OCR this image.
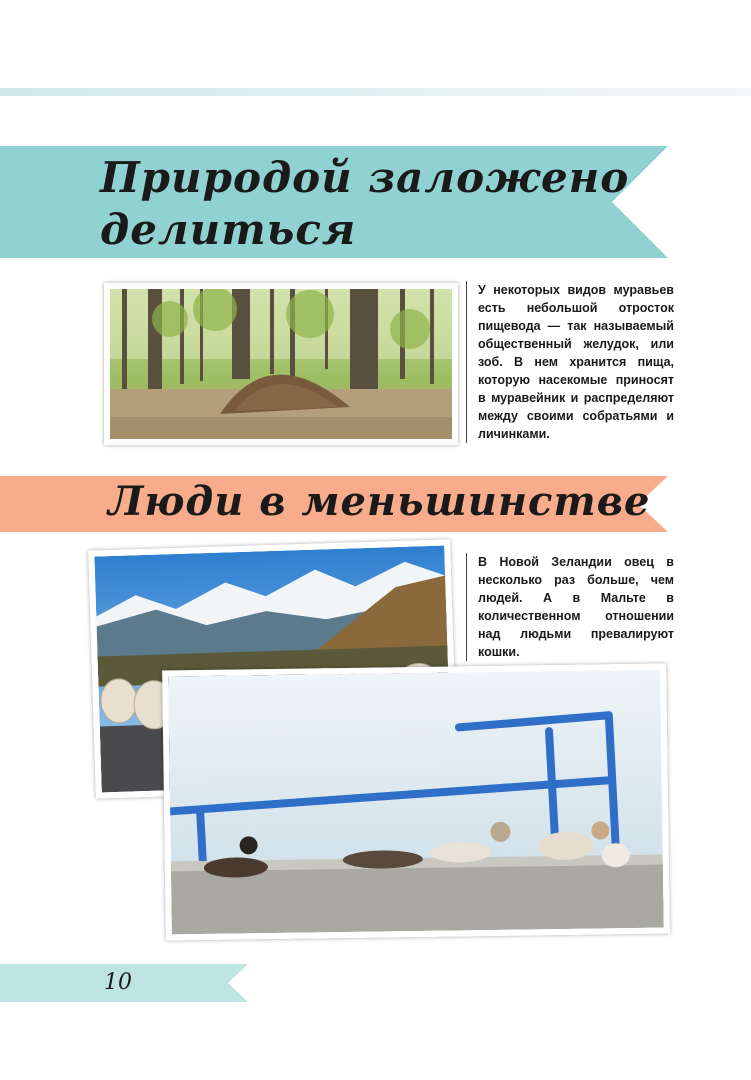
Природой заложено
делиться

У некоторых видов муравьев есть небольшой отросток пищевода — так называемый общественный желудок, или зоб. В нем хранится пища, которую насекомые приносят в муравейник и распределяют между своими собратьями и личинками.

Люди в меньшинстве

В Новой Зеландии овец в несколько раз больше, чем людей. А в Мальте в количественном отношении над людьми превалируют кошки.

10
